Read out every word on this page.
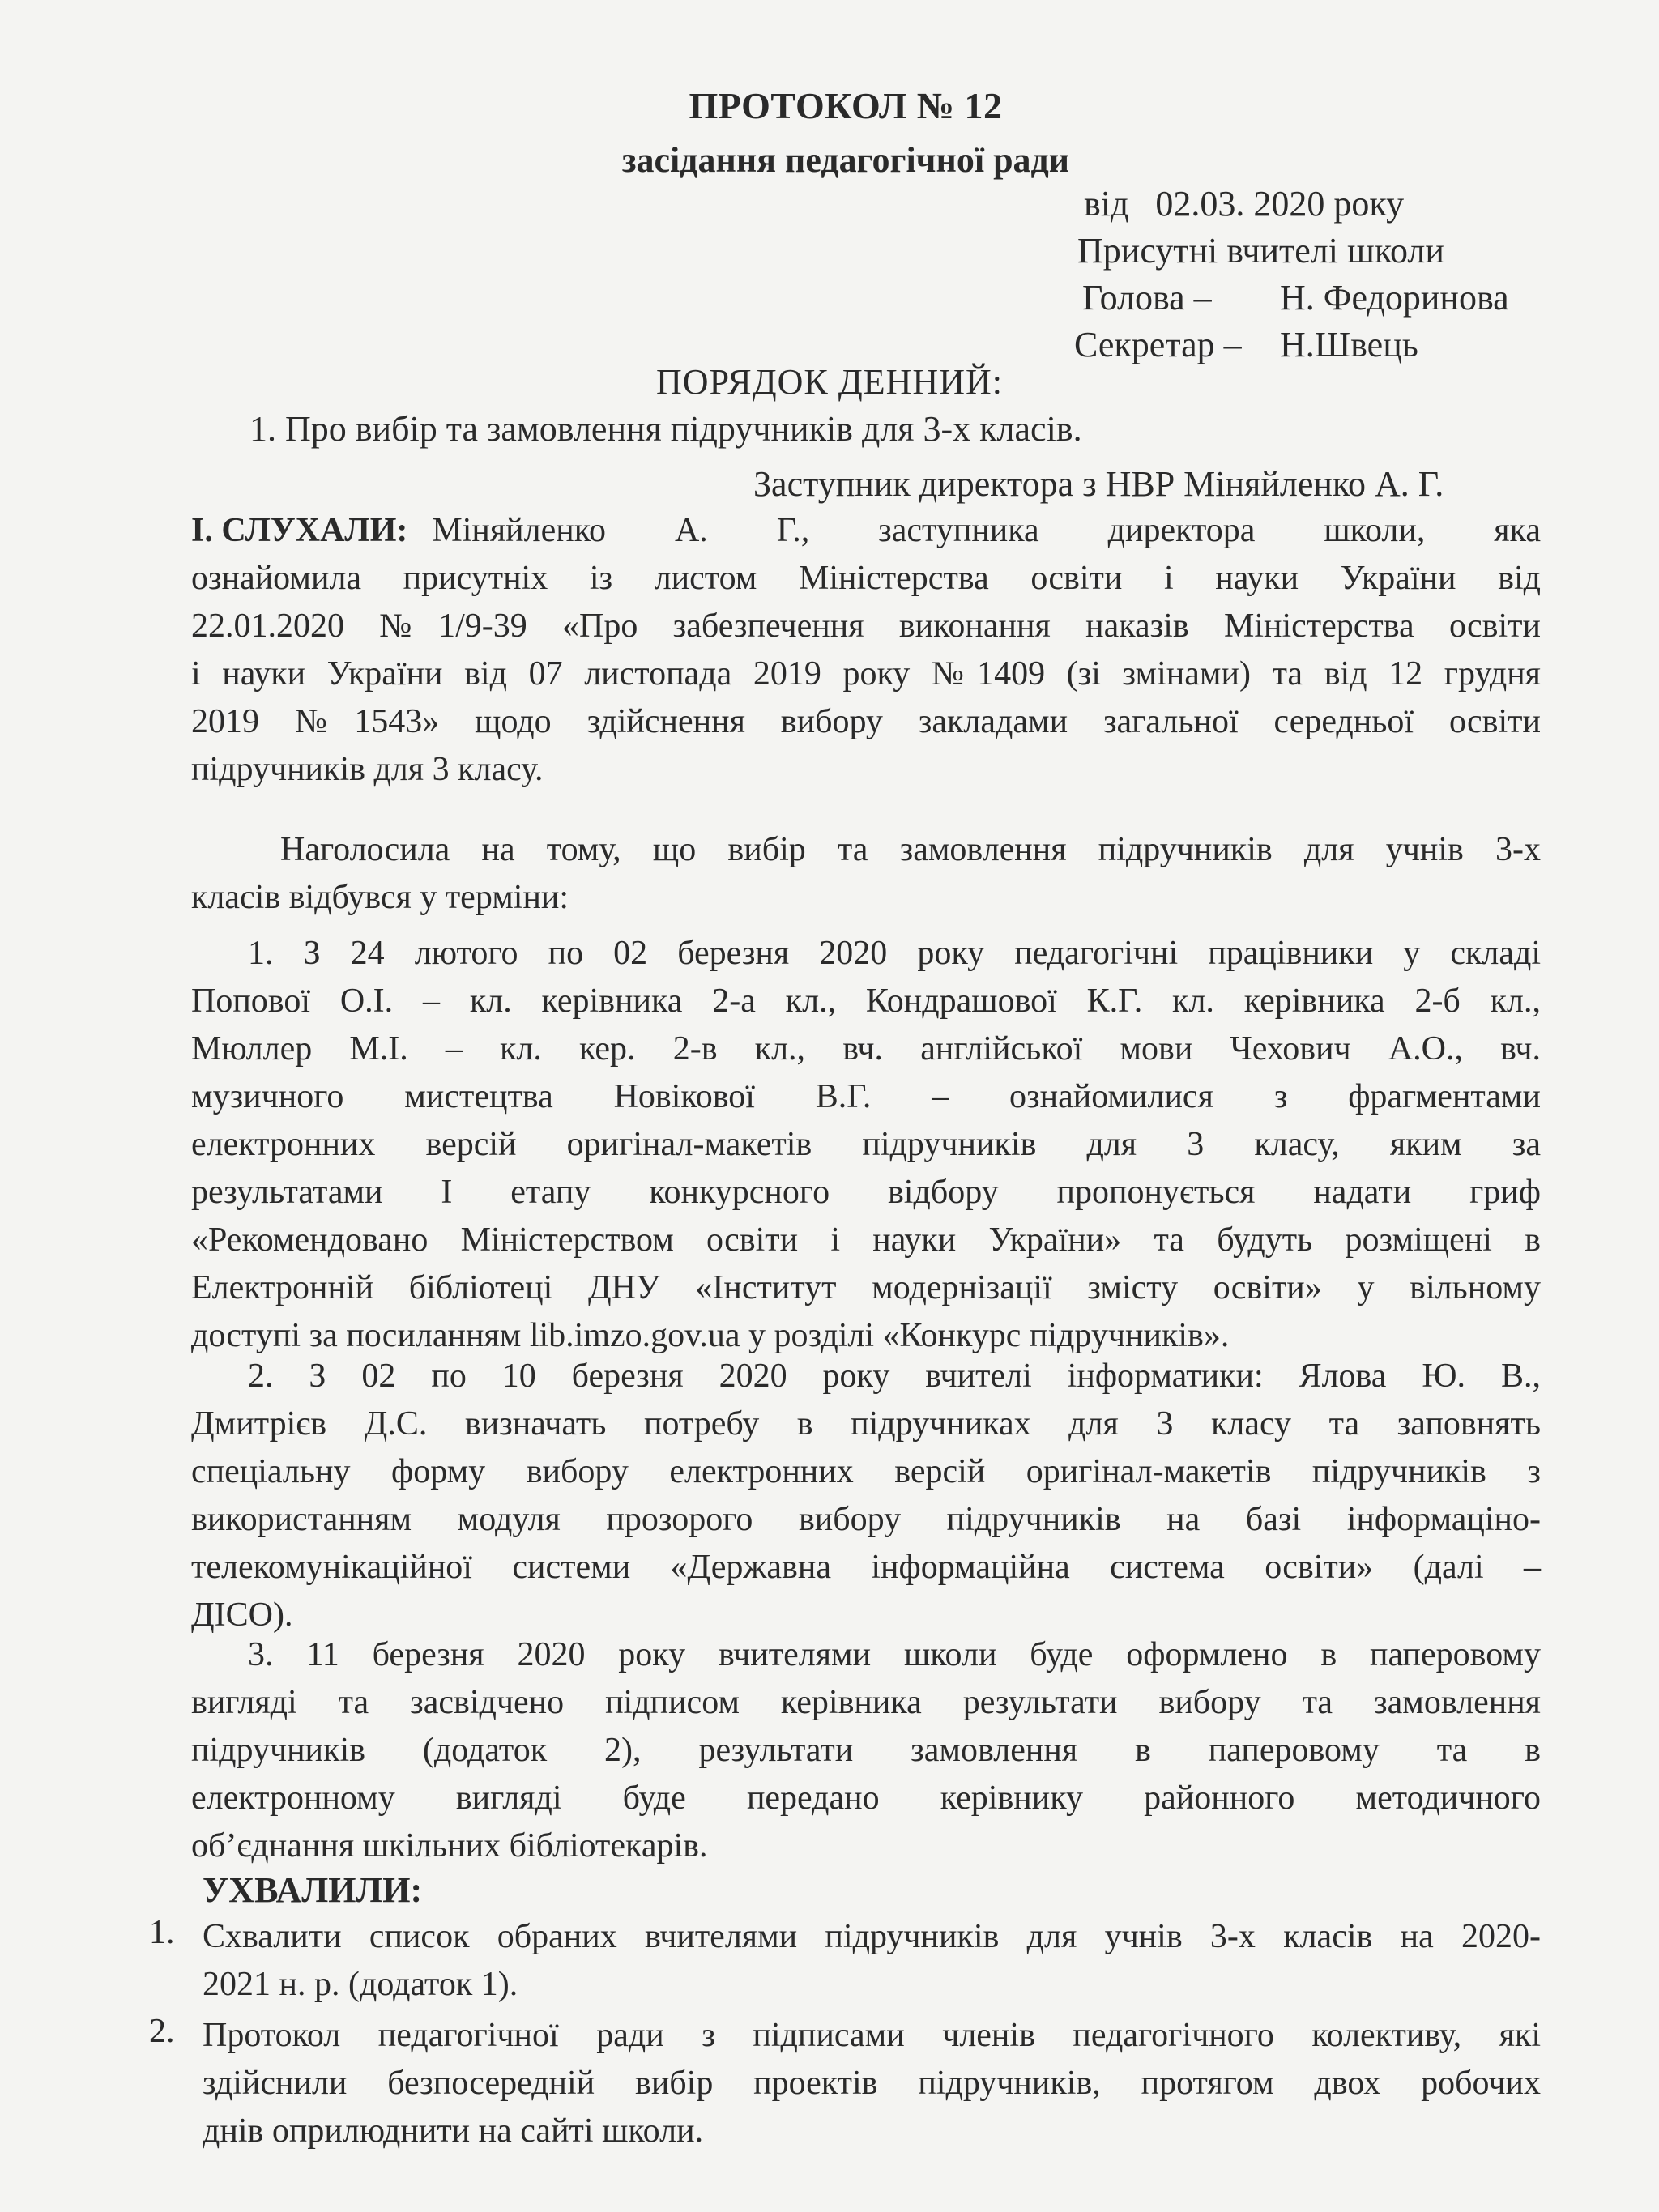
ПРОТОКОЛ № 12
засідання педагогічної ради
від   02.03. 2020 року
Присутні вчителі школи
Голова – Н. Федоринова
Секретар – Н.Швець
ПОРЯДОК ДЕННИЙ:
1. Про вибір та замовлення підручників для 3-х класів.
Заступник директора з НВР Міняйленко А. Г.
І. СЛУХАЛИ: Міняйленко А. Г., заступника директора школи, яка
ознайомила присутніх із листом Міністерства освіти і науки України від
22.01.2020 №1/9-39 «Про забезпечення виконання наказів Міністерства освіти
і науки України від 07 листопада 2019 року №1409 (зі змінами) та від 12 грудня
2019 №1543» щодо здійснення вибору закладами загальної середньої освіти
підручників для 3 класу.
Наголосила на тому, що вибір та замовлення підручників для учнів 3-х
класів відбувся у терміни:
1. З 24 лютого по 02 березня 2020 року педагогічні працівники у складі
Попової О.І. – кл. керівника 2-а кл., Кондрашової К.Г. кл. керівника 2-б кл.,
Мюллер М.І. – кл. кер. 2-в кл., вч. англійської мови Чехович А.О., вч.
музичного мистецтва Новікової В.Г. – ознайомилися з фрагментами
електронних версій оригінал-макетів підручників для 3 класу, яким за
результатами І етапу конкурсного відбору пропонується надати гриф
«Рекомендовано Міністерством освіти і науки України» та будуть розміщені в
Електронній бібліотеці ДНУ «Інститут модернізації змісту освіти» у вільному
доступі за посиланням lib.imzo.gov.ua у розділі «Конкурс підручників».
2. З 02 по 10 березня 2020 року вчителі інформатики: Ялова Ю. В.,
Дмитрієв Д.С. визначать потребу в підручниках для 3 класу та заповнять
спеціальну форму вибору електронних версій оригінал-макетів підручників з
використанням модуля прозорого вибору підручників на базі інформаціно-
телекомунікаційної системи «Державна інформаційна система освіти» (далі –
ДІСО).
3. 11 березня 2020 року вчителями школи буде оформлено в паперовому
вигляді та засвідчено підписом керівника результати вибору та замовлення
підручників (додаток 2), результати замовлення в паперовому та в
електронному вигляді буде передано керівнику районного методичного
об’єднання шкільних бібліотекарів.
УХВАЛИЛИ:
1. Схвалити список обраних вчителями підручників для учнів 3-х класів на 2020-
2021 н. р. (додаток 1).
2. Протокол педагогічної ради з підписами членів педагогічного колективу, які
здійснили безпосередній вибір проектів підручників, протягом двох робочих
днів оприлюднити на сайті школи.
